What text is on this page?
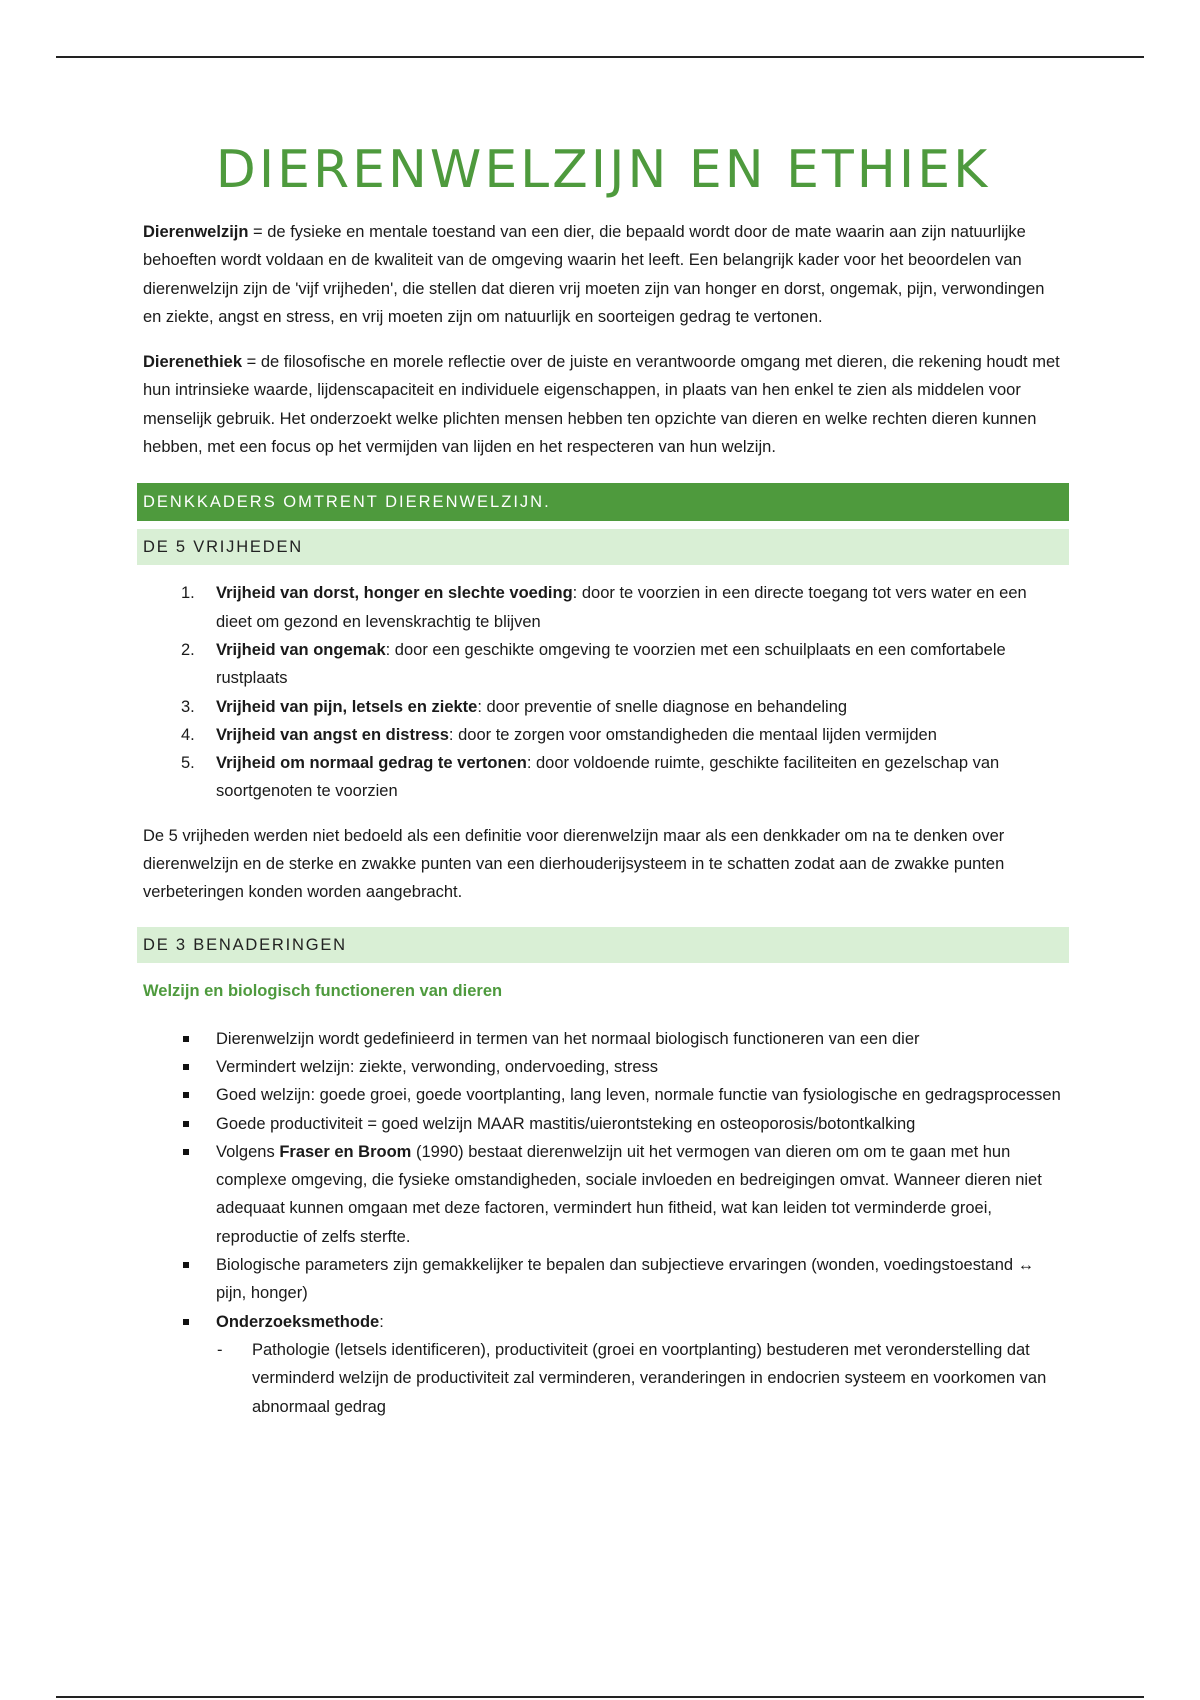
DIERENWELZIJN EN ETHIEK

Dierenwelzijn = de fysieke en mentale toestand van een dier, die bepaald wordt door de mate waarin aan zijn natuurlijke behoeften wordt voldaan en de kwaliteit van de omgeving waarin het leeft. Een belangrijk kader voor het beoordelen van dierenwelzijn zijn de 'vijf vrijheden', die stellen dat dieren vrij moeten zijn van honger en dorst, ongemak, pijn, verwondingen en ziekte, angst en stress, en vrij moeten zijn om natuurlijk en soorteigen gedrag te vertonen.

Dierenethiek = de filosofische en morele reflectie over de juiste en verantwoorde omgang met dieren, die rekening houdt met hun intrinsieke waarde, lijdenscapaciteit en individuele eigenschappen, in plaats van hen enkel te zien als middelen voor menselijk gebruik. Het onderzoekt welke plichten mensen hebben ten opzichte van dieren en welke rechten dieren kunnen hebben, met een focus op het vermijden van lijden en het respecteren van hun welzijn.

DENKKADERS OMTRENT DIERENWELZIJN.
DE 5 VRIJHEDEN
1. Vrijheid van dorst, honger en slechte voeding: door te voorzien in een directe toegang tot vers water en een dieet om gezond en levenskrachtig te blijven
2. Vrijheid van ongemak: door een geschikte omgeving te voorzien met een schuilplaats en een comfortabele rustplaats
3. Vrijheid van pijn, letsels en ziekte: door preventie of snelle diagnose en behandeling
4. Vrijheid van angst en distress: door te zorgen voor omstandigheden die mentaal lijden vermijden
5. Vrijheid om normaal gedrag te vertonen: door voldoende ruimte, geschikte faciliteiten en gezelschap van soortgenoten te voorzien

De 5 vrijheden werden niet bedoeld als een definitie voor dierenwelzijn maar als een denkkader om na te denken over dierenwelzijn en de sterke en zwakke punten van een dierhouderijsysteem in te schatten zodat aan de zwakke punten verbeteringen konden worden aangebracht.

DE 3 BENADERINGEN
Welzijn en biologisch functioneren van dieren
Dierenwelzijn wordt gedefinieerd in termen van het normaal biologisch functioneren van een dier
Vermindert welzijn: ziekte, verwonding, ondervoeding, stress
Goed welzijn: goede groei, goede voortplanting, lang leven, normale functie van fysiologische en gedragsprocessen
Goede productiviteit = goed welzijn MAAR mastitis/uierontsteking en osteoporosis/botontkalking
Volgens Fraser en Broom (1990) bestaat dierenwelzijn uit het vermogen van dieren om om te gaan met hun complexe omgeving, die fysieke omstandigheden, sociale invloeden en bedreigingen omvat. Wanneer dieren niet adequaat kunnen omgaan met deze factoren, vermindert hun fitheid, wat kan leiden tot verminderde groei, reproductie of zelfs sterfte.
Biologische parameters zijn gemakkelijker te bepalen dan subjectieve ervaringen (wonden, voedingstoestand ↔ pijn, honger)
Onderzoeksmethode:
- Pathologie (letsels identificeren), productiviteit (groei en voortplanting) bestuderen met veronderstelling dat verminderd welzijn de productiviteit zal verminderen, veranderingen in endocrien systeem en voorkomen van abnormaal gedrag
